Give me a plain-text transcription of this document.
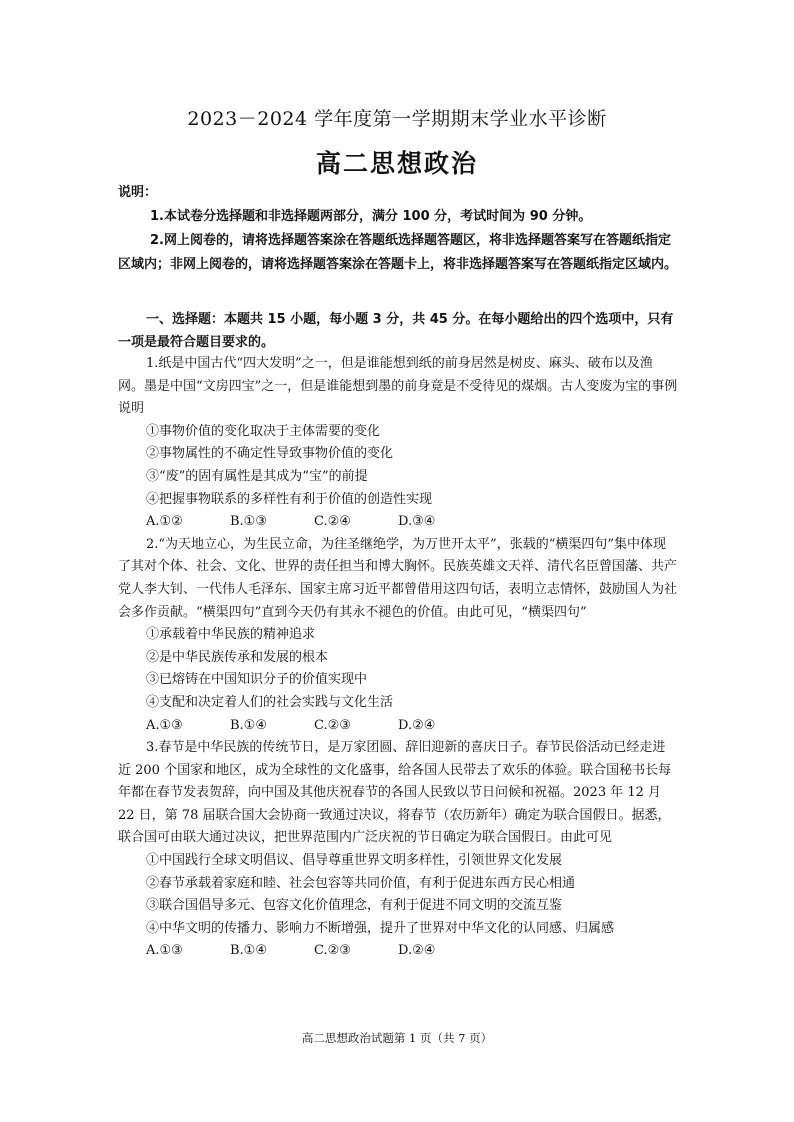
2023－2024 学年度第一学期期末学业水平诊断
高二思想政治

说明：

1.本试卷分选择题和非选择题两部分，满分 100 分，考试时间为 90 分钟。

2.网上阅卷的，请将选择题答案涂在答题纸选择题答题区，将非选择题答案写在答题纸指定区域内；非网上阅卷的，请将选择题答案涂在答题卡上，将非选择题答案写在答题纸指定区域内。

一、选择题：本题共 15 小题，每小题 3 分，共 45 分。在每小题给出的四个选项中，只有一项是最符合题目要求的。

1.纸是中国古代“四大发明”之一，但是谁能想到纸的前身居然是树皮、麻头、破布以及渔网。墨是中国“文房四宝”之一，但是谁能想到墨的前身竟是不受待见的煤烟。古人变废为宝的事例说明

①事物价值的变化取决于主体需要的变化

②事物属性的不确定性导致事物价值的变化

③“废”的固有属性是其成为“宝”的前提

④把握事物联系的多样性有利于价值的创造性实现

A.①②	B.①③	C.②④	D.③④

2.“为天地立心，为生民立命，为往圣继绝学，为万世开太平”，张载的“横渠四句”集中体现了其对个体、社会、文化、世界的责任担当和博大胸怀。民族英雄文天祥、清代名臣曾国藩、共产党人李大钊、一代伟人毛泽东、国家主席习近平都曾借用这四句话，表明立志情怀，鼓励国人为社会多作贡献。“横渠四句”直到今天仍有其永不褪色的价值。由此可见，“横渠四句”

①承载着中华民族的精神追求

②是中华民族传承和发展的根本

③已熔铸在中国知识分子的价值实现中

④支配和决定着人们的社会实践与文化生活

A.①③	B.①④	C.②③	D.②④

3.春节是中华民族的传统节日，是万家团圆、辞旧迎新的喜庆日子。春节民俗活动已经走进近 200 个国家和地区，成为全球性的文化盛事，给各国人民带去了欢乐的体验。联合国秘书长每年都在春节发表贺辞，向中国及其他庆祝春节的各国人民致以节日问候和祝福。2023 年 12 月 22 日，第 78 届联合国大会协商一致通过决议，将春节（农历新年）确定为联合国假日。据悉，联合国可由联大通过决议，把世界范围内广泛庆祝的节日确定为联合国假日。由此可见

①中国践行全球文明倡议、倡导尊重世界文明多样性，引领世界文化发展

②春节承载着家庭和睦、社会包容等共同价值，有利于促进东西方民心相通

③联合国倡导多元、包容文化价值理念，有利于促进不同文明的交流互鉴

④中华文明的传播力、影响力不断增强，提升了世界对中华文化的认同感、归属感

A.①③	B.①④	C.②③	D.②④
高二思想政治试题第 1 页（共 7 页）
